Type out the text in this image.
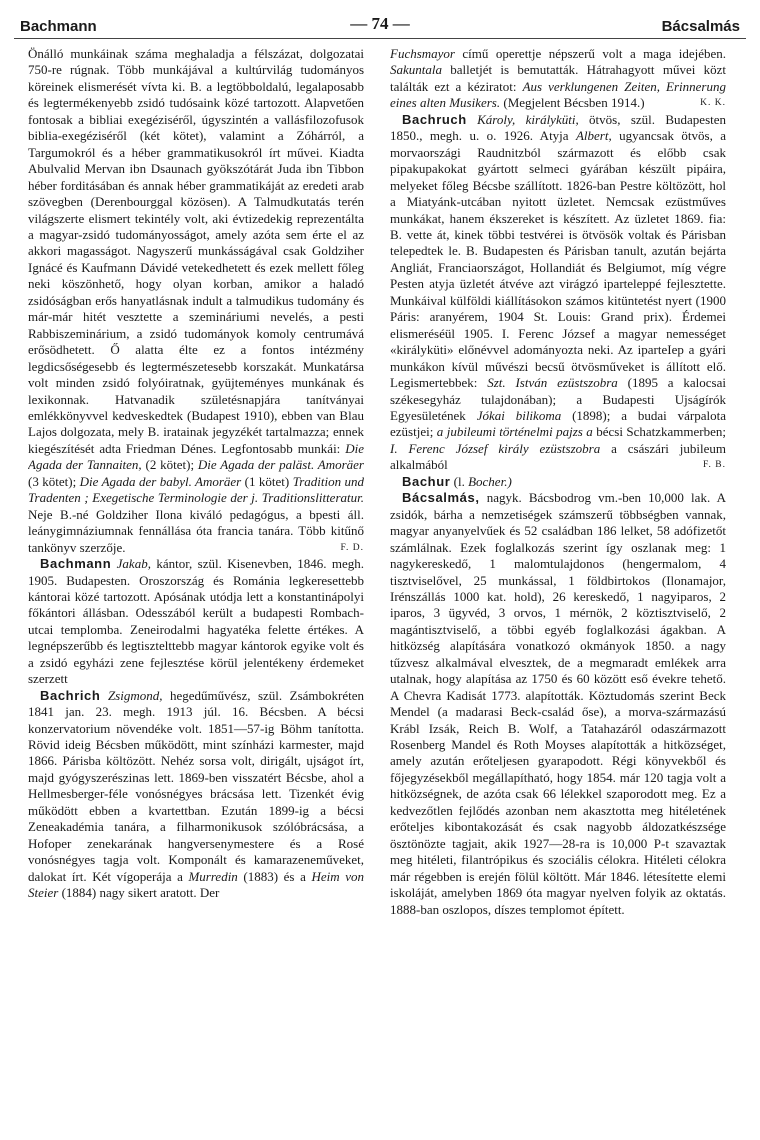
Bachmann	— 74 —	Bácsalmás

Önálló munkáinak száma meghaladja a félszázat, dolgozatai 750-re rúgnak. Több munkájával a kultúrvilág tudományos köreinek elismerését vívta ki. B. a legtöbboldalú, legalaposabb és legtermékenyebb zsidó tudósaink közé tartozott. Alapvetően fontosak a bibliai exegéziséről, úgyszintén a vallásfilozofusok biblia-exegéziséről (két kötet), valamint a Zóhárról, a Targumokról és a héber grammatikusokról írt művei. Kiadta Abulvalid Mervan ibn Dsaunach gyökszótárát Juda ibn Tibbon héber forditásában és annak héber grammatikáját az eredeti arab szövegben (Derenbourggal közösen). A Talmudkutatás terén világszerte elismert tekintély volt, aki évtizedekig reprezentálta a magyar-zsidó tudományosságot, amely azóta sem érte el az akkori magasságot. Nagyszerű munkásságával csak Goldziher Ignácé és Kaufmann Dávidé vetekedhetett és ezek mellett főleg neki köszönhető, hogy olyan korban, amikor a haladó zsidóságban erős hanyatlásnak indult a talmudikus tudomány és már-már hitét vesztette a szemináriumi nevelés, a pesti Rabbiszeminárium, a zsidó tudományok komoly centrumává erősödhetett. Ő alatta élte ez a fontos intézmény legdicsőségesebb és legtermészetesebb korszakát. Munkatársa volt minden zsidó folyóiratnak, gyüjteményes munkának és lexikonnak. Hatvanadik születésnapjára tanítványai emlékkönyvvel kedveskedtek (Budapest 1910), ebben van Blau Lajos dolgozata, mely B. iratainak jegyzékét tartalmazza; ennek kiegészítését adta Friedman Dénes. Legfontosabb munkái: Die Agada der Tannaiten, (2 kötet); Die Agada der paläst. Amoräer (3 kötet); Die Agada der babyl. Amoräer (1 kötet) Tradition und Tradenten ; Exegetische Terminologie der j. Traditionslitteratur. Neje B.-né Goldziher Ilona kiváló pedagógus, a bpesti áll. leánygimnáziumnak fennállása óta francia tanára. Több kitűnő tankönyv szerzője.	F. D.

Bachmann Jakab, kántor, szül. Kisenevben, 1846. megh. 1905. Budapesten. Oroszország és Románia legkeresettebb kántorai közé tartozott. Apósának utódja lett a konstantinápolyi főkántori állásban. Odesszából került a budapesti Rombach-utcai templomba. Zeneirodalmi hagyatéka felette értékes. A legnépszerűbb és legtisztelttebb magyar kántorok egyike volt és a zsidó egyházi zene fejlesztése körül jelentékeny érdemeket szerzett

Bachrich Zsigmond, hegedűművész, szül. Zsámbokréten 1841 jan. 23. megh. 1913 júl. 16. Bécsben. A bécsi konzervatorium növendéke volt. 1851—57-ig Böhm tanította. Rövid ideig Bécsben működött, mint színházi karmester, majd 1866. Párisba költözött. Nehéz sorsa volt, dirigált, ujságot írt, majd gyógyszerészinas lett. 1869-ben visszatért Bécsbe, ahol a Hellmesberger-féle vonósnégyes brácsása lett. Tizenkét évig működött ebben a kvartettban. Ezután 1899-ig a bécsi Zeneakadémia tanára, a filharmonikusok szólóbrácsása, a Hofoper zenekarának hangversenymestere és a Rosé vonósnégyes tagja volt. Komponált és kamarazeneműveket, dalokat írt. Két vígoperája a Murredin (1883) és a Heim von Steier (1884) nagy sikert aratott. Der

Fuchsmayor című operettje népszerű volt a maga idejében. Sakuntala balletjét is bemutatták. Hátrahagyott művei közt találták ezt a kéziratot: Aus verklungenen Zeiten, Erinnerung eines alten Musikers. (Megjelent Bécsben 1914.)	K. K.

Bachruch Károly, királyküti, ötvös, szül. Budapesten 1850., megh. u. o. 1926. Atyja Albert, ugyancsak ötvös, a morvaországi Raudnitzból származott és előbb csak pipakupakokat gyártott selmeci gyárában készült pipáira, melyeket főleg Bécsbe szállított. 1826-ban Pestre költözött, hol a Miatyánk-utcában nyitott üzletet. Nemcsak ezüstműves munkákat, hanem ékszereket is készített. Az üzletet 1869. fia: B. vette át, kinek többi testvérei is ötvösök voltak és Párisban telepedtek le. B. Budapesten és Párisban tanult, azután bejárta Angliát, Franciaországot, Hollandiát és Belgiumot, míg végre Pesten atyja üzletét átvéve azt virágzó iparteleppé fejlesztette. Munkáival külföldi kiállításokon számos kitüntetést nyert (1900 Páris: aranyérem, 1904 St. Louis: Grand prix). Érdemei elismeréséül 1905. I. Ferenc József a magyar nemességet «királyküti» előnévvel adományozta neki. Az iparteIep a gyári munkákon kívül művészi becsű ötvösműveket is állított elő. Legismertebbek: Szt. István ezüstszobra (1895 a kalocsai székesegyház tulajdonában); a Budapesti Ujságírók Egyesületének Jókai bilikoma (1898); a budai várpalota ezüstjei; a jubileumi történelmi pajzs a bécsi Schatzkammerben; I. Ferenc József király ezüstszobra a császári jubileum alkalmából	F. B.

Bachur (l. Bocher.)

Bácsalmás, nagyk. Bácsbodrog vm.-ben 10,000 lak. A zsidók, bárha a nemzetiségek számszerű többségben vannak, magyar anyanyelvűek és 52 családban 186 lelket, 58 adófizetőt számlálnak. Ezek foglalkozás szerint így oszlanak meg: 1 nagykereskedő, 1 malomtulajdonos (hengermalom, 4 tisztviselővel, 25 munkással, 1 földbirtokos (Ilonamajor, Irénszállás 1000 kat. hold), 26 kereskedő, 1 nagyiparos, 2 iparos, 3 ügyvéd, 3 orvos, 1 mérnök, 2 köztisztviselő, 2 magántisztviselő, a többi egyéb foglalkozási ágakban. A hitközség alapítására vonatkozó okmányok 1850. a nagy tűzvesz alkalmával elvesztek, de a megmaradt emlékek arra utalnak, hogy alapítása az 1750 és 60 között eső évekre tehető. A Chevra Kadisát 1773. alapították. Köztudomás szerint Beck Mendel (a madarasi Beck-család őse), a morva-származású Krábl Izsák, Reich B. Wolf, a Tatahazáról odaszármazott Rosenberg Mandel és Roth Moyses alapították a hitközséget, amely azután erőteljesen gyarapodott. Régi könyvekből és főjegyzésekből megállapítható, hogy 1854. már 120 tagja volt a hitközségnek, de azóta csak 66 lélekkel szaporodott meg. Ez a kedvezőtlen fejlődés azonban nem akasztotta meg hitéletének erőteljes kibontakozását és csak nagyobb áldozatkészsége ösztönözte tagjait, akik 1927—28-ra is 10,000 P-t szavaztak meg hitéleti, filantrópikus és szociális célokra. Hitéleti célokra már régebben is erején fölül költött. Már 1846. létesítette elemi iskoláját, amelyben 1869 óta magyar nyelven folyik az oktatás. 1888-ban oszlopos, díszes templomot épített.
